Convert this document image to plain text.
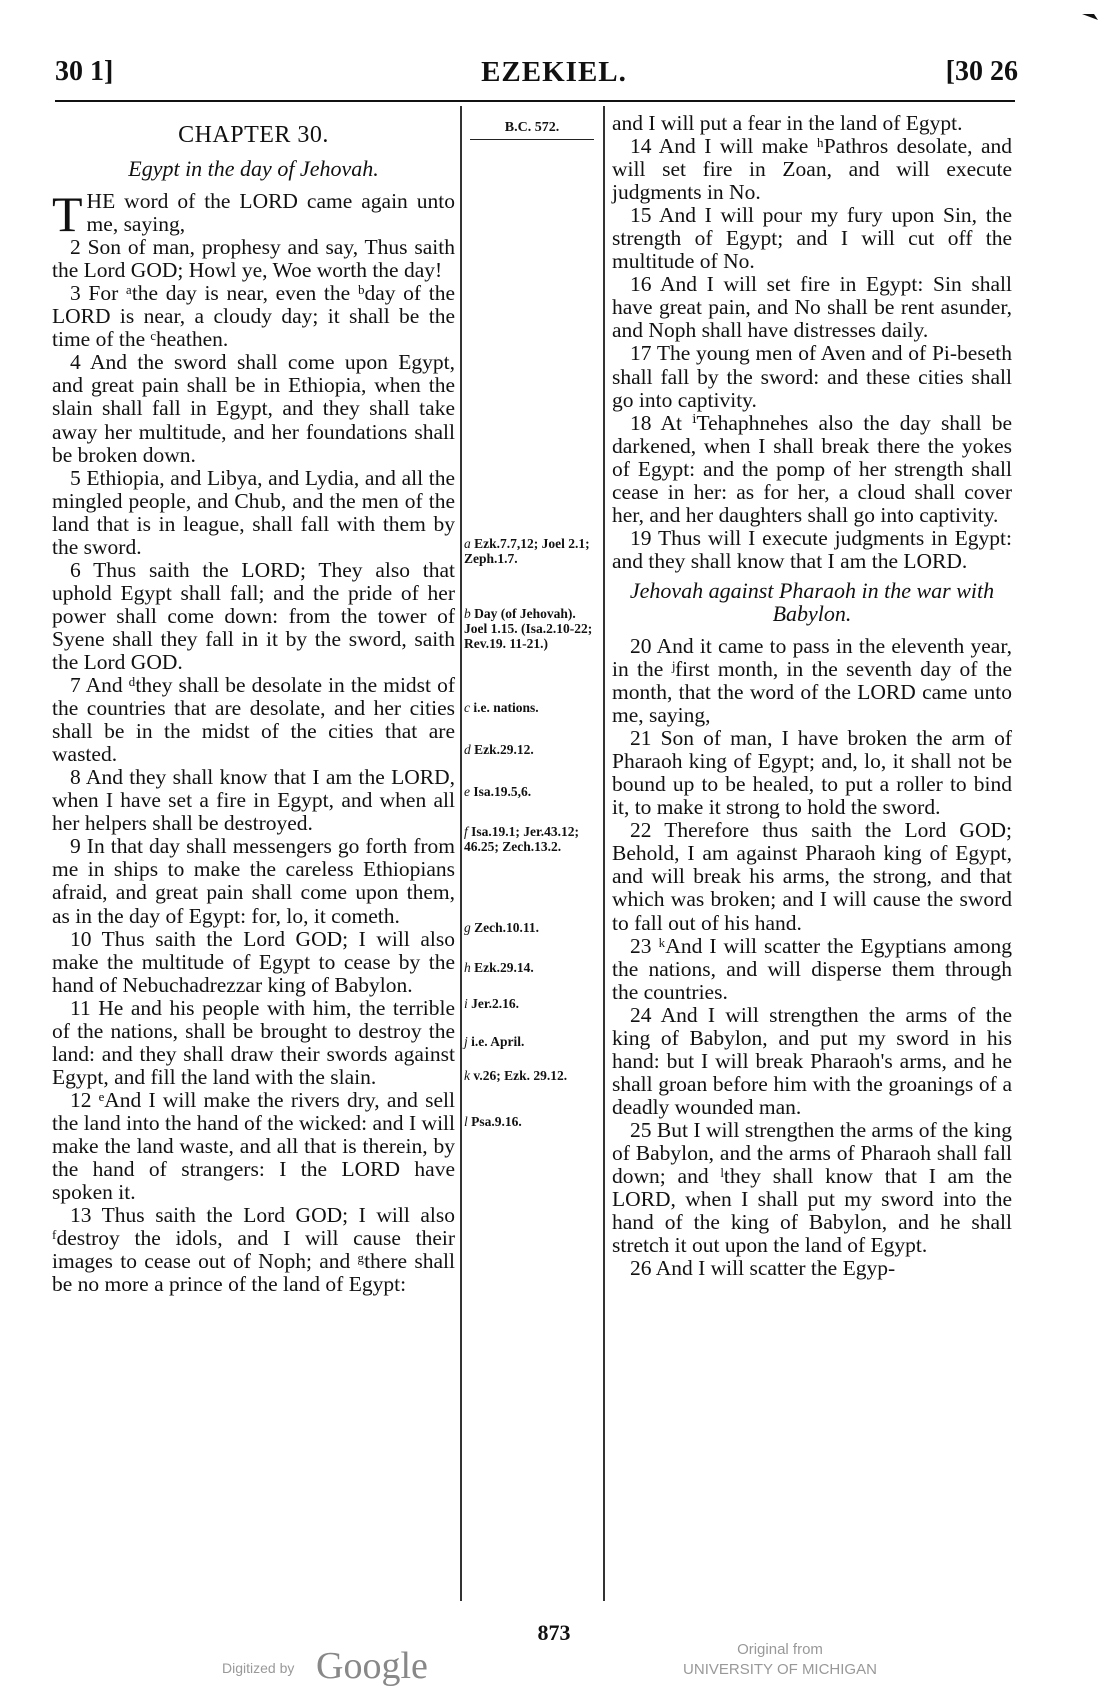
30 1]	EZEKIEL.	[30 26
CHAPTER 30.
Egypt in the day of Jehovah.

THE word of the LORD came again unto me, saying,

2 Son of man, prophesy and say, Thus saith the Lord GOD; Howl ye, Woe worth the day!

3 For ᵃthe day is near, even the ᵇday of the LORD is near, a cloudy day; it shall be the time of the ᶜheathen.

4 And the sword shall come upon Egypt, and great pain shall be in Ethiopia, when the slain shall fall in Egypt, and they shall take away her multitude, and her foundations shall be broken down.

5 Ethiopia, and Libya, and Lydia, and all the mingled people, and Chub, and the men of the land that is in league, shall fall with them by the sword.

6 Thus saith the LORD; They also that uphold Egypt shall fall; and the pride of her power shall come down: from the tower of Syene shall they fall in it by the sword, saith the Lord GOD.

7 And ᵈthey shall be desolate in the midst of the countries that are desolate, and her cities shall be in the midst of the cities that are wasted.

8 And they shall know that I am the LORD, when I have set a fire in Egypt, and when all her helpers shall be destroyed.

9 In that day shall messengers go forth from me in ships to make the careless Ethiopians afraid, and great pain shall come upon them, as in the day of Egypt: for, lo, it cometh.

10 Thus saith the Lord GOD; I will also make the multitude of Egypt to cease by the hand of Nebuchadrezzar king of Babylon.

11 He and his people with him, the terrible of the nations, shall be brought to destroy the land: and they shall draw their swords against Egypt, and fill the land with the slain.

12 ᵉAnd I will make the rivers dry, and sell the land into the hand of the wicked: and I will make the land waste, and all that is therein, by the hand of strangers: I the LORD have spoken it.

13 Thus saith the Lord GOD; I will also ᶠdestroy the idols, and I will cause their images to cease out of Noph; and ᵍthere shall be no more a prince of the land of Egypt:

B.C. 572.
a Ezk.7.7,12; Joel 2.1; Zeph.1.7.
b Day (of Jehovah). Joel 1.15. (Isa.2.10-22; Rev.19. 11-21.)
c i.e. nations.
d Ezk.29.12.
e Isa.19.5,6.
f Isa.19.1; Jer.43.12; 46.25; Zech.13.2.
g Zech.10.11.
h Ezk.29.14.
i Jer.2.16.
j i.e. April.
k v.26; Ezk. 29.12.
l Psa.9.16.

and I will put a fear in the land of Egypt.

14 And I will make ʰPathros desolate, and will set fire in Zoan, and will execute judgments in No.

15 And I will pour my fury upon Sin, the strength of Egypt; and I will cut off the multitude of No.

16 And I will set fire in Egypt: Sin shall have great pain, and No shall be rent asunder, and Noph shall have distresses daily.

17 The young men of Aven and of Pi-beseth shall fall by the sword: and these cities shall go into captivity.

18 At ⁱTehaphnehes also the day shall be darkened, when I shall break there the yokes of Egypt: and the pomp of her strength shall cease in her: as for her, a cloud shall cover her, and her daughters shall go into captivity.

19 Thus will I execute judgments in Egypt: and they shall know that I am the LORD.

Jehovah against Pharaoh in the war with Babylon.

20 And it came to pass in the eleventh year, in the ʲfirst month, in the seventh day of the month, that the word of the LORD came unto me, saying,

21 Son of man, I have broken the arm of Pharaoh king of Egypt; and, lo, it shall not be bound up to be healed, to put a roller to bind it, to make it strong to hold the sword.

22 Therefore thus saith the Lord GOD; Behold, I am against Pharaoh king of Egypt, and will break his arms, the strong, and that which was broken; and I will cause the sword to fall out of his hand.

23 ᵏAnd I will scatter the Egyptians among the nations, and will disperse them through the countries.

24 And I will strengthen the arms of the king of Babylon, and put my sword in his hand: but I will break Pharaoh's arms, and he shall groan before him with the groanings of a deadly wounded man.

25 But I will strengthen the arms of the king of Babylon, and the arms of Pharaoh shall fall down; and ˡthey shall know that I am the LORD, when I shall put my sword into the hand of the king of Babylon, and he shall stretch it out upon the land of Egypt.

26 And I will scatter the Egyp-

873
Digitized by Google	Original from
UNIVERSITY OF MICHIGAN
